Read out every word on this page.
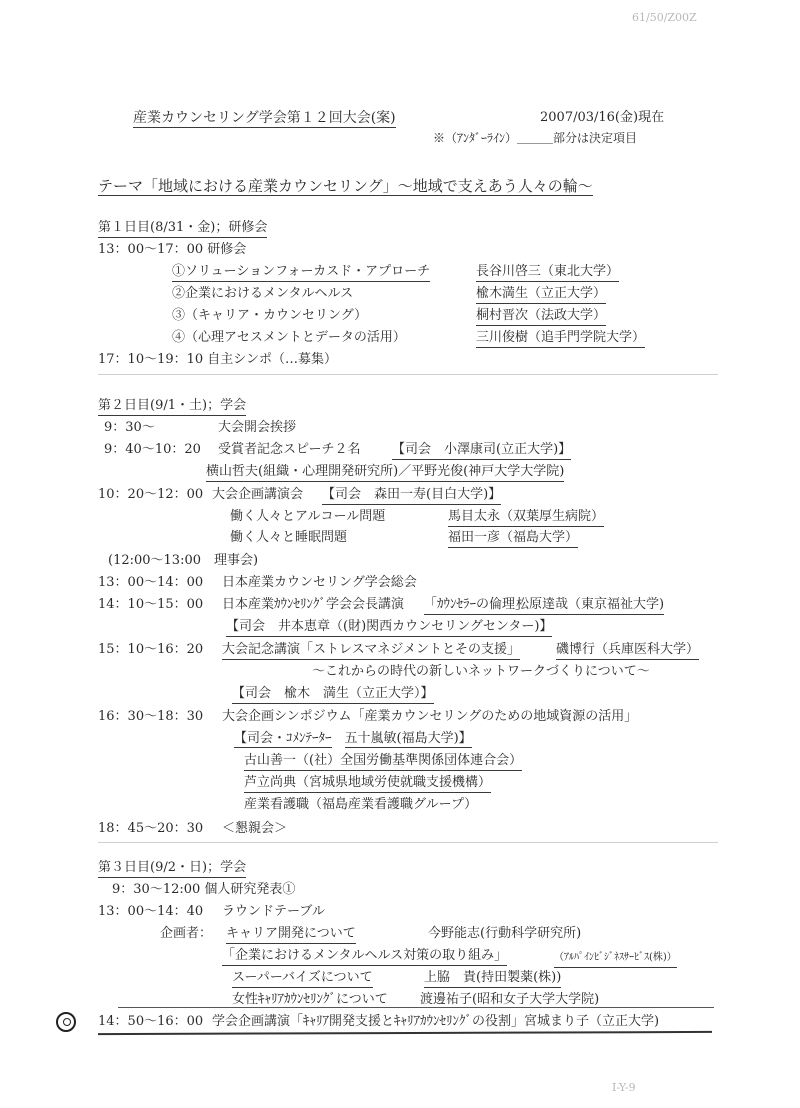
61/50/Z00Z
産業カウンセリング学会第１２回大会(案)	2007/03/16(金)現在
※（ｱﾝﾀﾞｰﾗｲﾝ）＿＿＿部分は決定項目
テーマ「地域における産業カウンセリング」～地域で支えあう人々の輪～
第１日目(8/31・金)；研修会
13：00～17：00 研修会
①ソリューションフォーカスド・アプローチ	長谷川啓三（東北大学）
②企業におけるメンタルヘルス	楡木満生（立正大学）
③（キャリア・カウンセリング）	桐村晋次（法政大学）
④（心理アセスメントとデータの活用）	三川俊樹（追手門学院大学）
17：10～19：10 自主シンポ（…募集）
第２日目(9/1・土)；学会
9：30～	大会開会挨拶
9：40～10：20 受賞者記念スピーチ２名 【司会　小澤康司(立正大学)】
横山哲夫(組織・心理開発研究所)／平野光俊(神戸大学大学院)
10：20～12：00 大会企画講演会 【司会　森田一寿(目白大学)】
働く人々とアルコール問題	馬目太永（双葉厚生病院）
働く人々と睡眠問題	福田一彦（福島大学）
(12:00～13:00　理事会)
13：00～14：00 日本産業カウンセリング学会総会
14：10～15：00 日本産業ｶｳﾝｾﾘﾝｸﾞ学会会長講演 「ｶｳﾝｾﾗｰの倫理」
松原達哉（東京福祉大学)
【司会　井本恵章（(財)関西カウンセリングセンター)】
15：10～16：20 大会記念講演「ストレスマネジメントとその支援」	磯博行（兵庫医科大学）
～これからの時代の新しいネットワークづくりについて～
【司会　楡木　満生（立正大学）】
16：30～18：30 大会企画シンポジウム「産業カウンセリングのための地域資源の活用」
【司会・ｺﾒﾝﾃｰﾀｰ　 五十嵐敏(福島大学)】
古山善一（(社）全国労働基準関係団体連合会）
芦立尚典（宮城県地域労使就職支援機構）
産業看護職（福島産業看護職グループ）
18：45～20：30 ＜懇親会＞
第３日目(9/2・日)；学会
9：30～12:00 個人研究発表①
13：00～14：40 ラウンドテーブル
企画者： キャリア開発について	今野能志(行動科学研究所)
「企業におけるメンタルヘルス対策の取り組み」	（ｱﾙﾊﾟｲﾝﾋﾞｼﾞﾈｽｻｰﾋﾞｽ(株)）
スーパーバイズについて	上脇　貴(持田製薬(株))
女性ｷｬﾘｱｶｳﾝｾﾘﾝｸﾞについて 渡邊祐子(昭和女子大学大学院)
14：50～16：00 学会企画講演「ｷｬﾘｱ開発支援とｷｬﾘｱｶｳﾝｾﾘﾝｸﾞの役割」宮城まり子（立正大学)
I-Y-9
